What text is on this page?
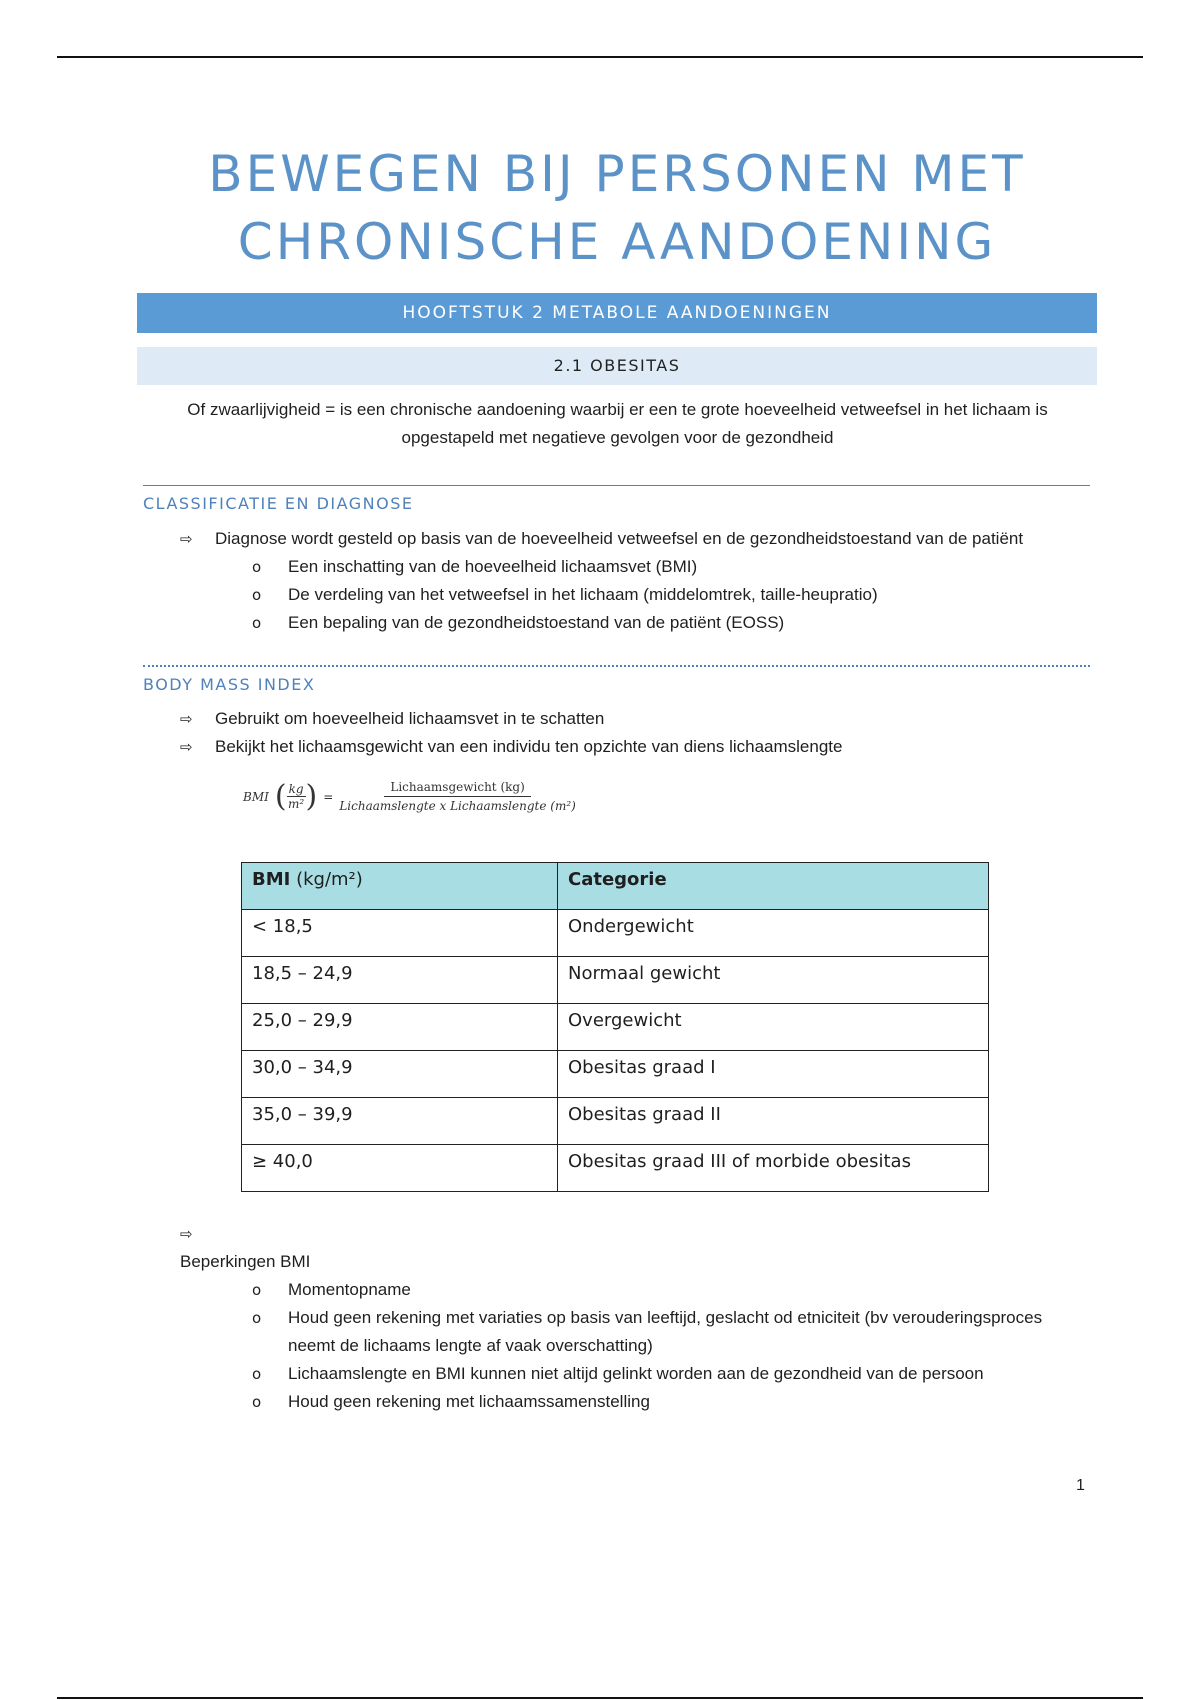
BEWEGEN BIJ PERSONEN MET
CHRONISCHE AANDOENING
HOOFTSTUK 2 METABOLE AANDOENINGEN
2.1 OBESITAS
Of zwaarlijvigheid = is een chronische aandoening waarbij er een te grote hoeveelheid vetweefsel in het lichaam is opgestapeld met negatieve gevolgen voor de gezondheid
CLASSIFICATIE EN DIAGNOSE
⇨	Diagnose wordt gesteld op basis van de hoeveelheid vetweefsel en de gezondheidstoestand van de patiënt
o	Een inschatting van de hoeveelheid lichaamsvet (BMI)
o	De verdeling van het vetweefsel in het lichaam (middelomtrek, taille-heupratio)
o	Een bepaling van de gezondheidstoestand van de patiënt (EOSS)
BODY MASS INDEX
⇨	Gebruikt om hoeveelheid lichaamsvet in te schatten
⇨	Bekijkt het lichaamsgewicht van een individu ten opzichte van diens lichaamslengte
BMI ( $\frac{kg}{\text{m²}}$ ) = $\frac{\text{Lichaamsgewicht (kg)}}{\text{Lichaamslengte x Lichaamslengte (m²)}}$
BMI (kg/m²)	Categorie
< 18,5	Ondergewicht
18,5 – 24,9	Normaal gewicht
25,0 – 29,9	Overgewicht
30,0 – 34,9	Obesitas graad I
35,0 – 39,9	Obesitas graad II
≥ 40,0	Obesitas graad III of morbide obesitas
⇨
Beperkingen BMI
o	Momentopname
o	Houd geen rekening met variaties op basis van leeftijd, geslacht od etniciteit (bv verouderingsproces neemt de lichaams lengte af vaak overschatting)
o	Lichaamslengte en BMI kunnen niet altijd gelinkt worden aan de gezondheid van de persoon
o	Houd geen rekening met lichaamssamenstelling
1
